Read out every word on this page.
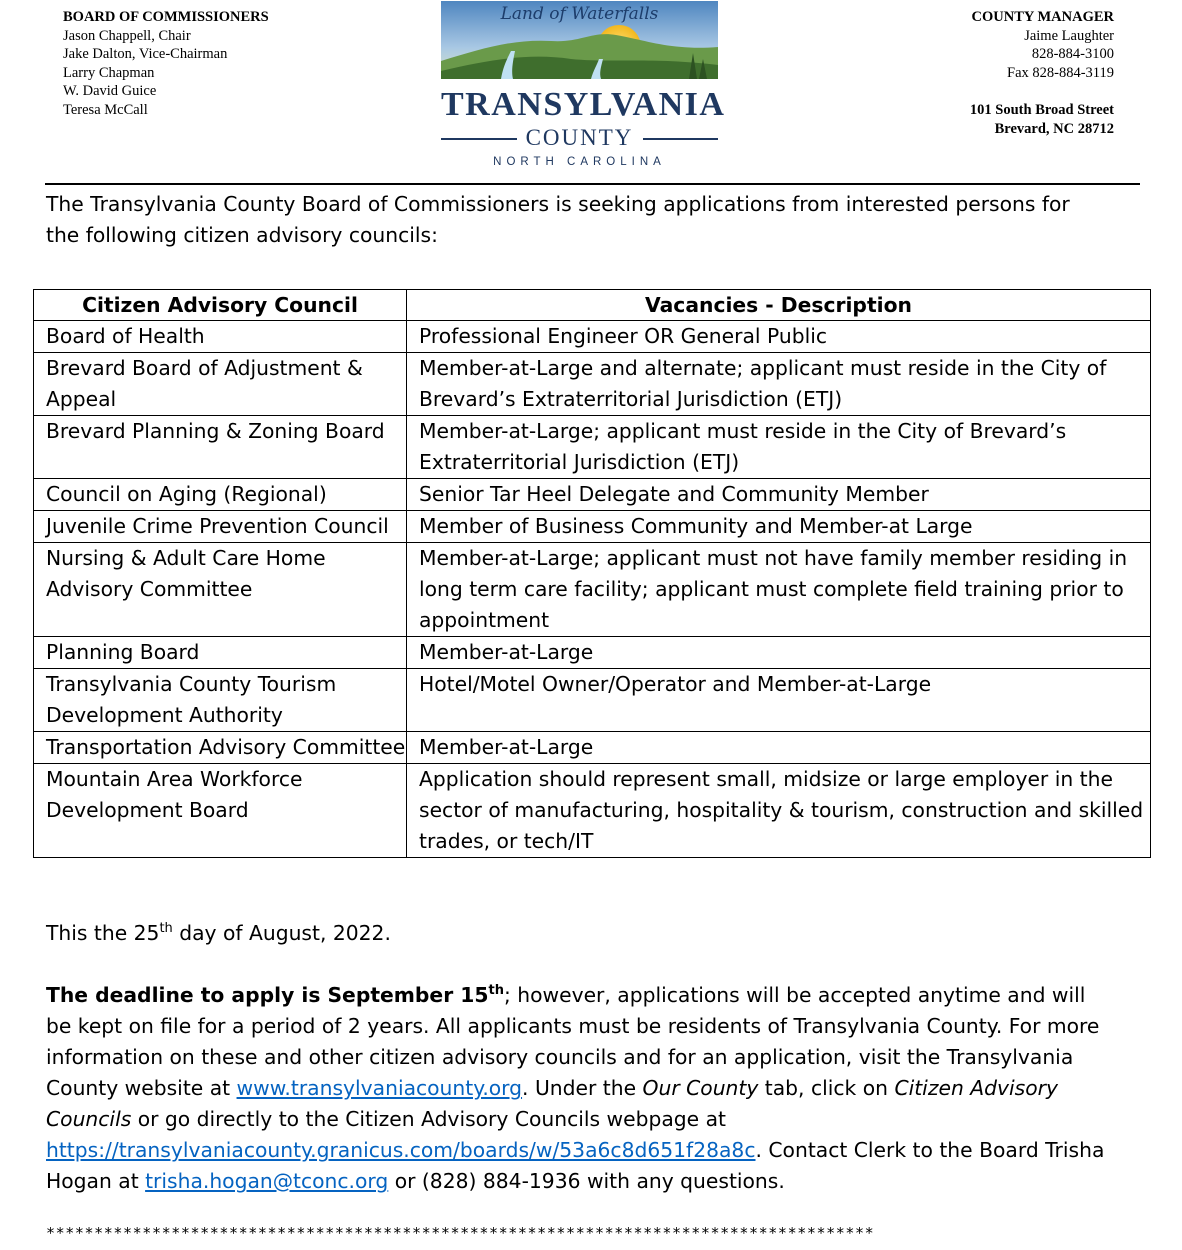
BOARD OF COMMISSIONERS
Jason Chappell, Chair
Jake Dalton, Vice-Chairman
Larry Chapman
W. David Guice
Teresa McCall
Land of Waterfalls
TRANSYLVANIA
COUNTY
NORTH CAROLINA
COUNTY MANAGER
Jaime Laughter
828-884-3100
Fax 828-884-3119
101 South Broad Street
Brevard, NC 28712
The Transylvania County Board of Commissioners is seeking applications from interested persons for the following citizen advisory councils:
Citizen Advisory Council	Vacancies - Description
Board of Health	Professional Engineer OR General Public
Brevard Board of Adjustment & Appeal	Member-at-Large and alternate; applicant must reside in the City of Brevard’s Extraterritorial Jurisdiction (ETJ)
Brevard Planning & Zoning Board	Member-at-Large; applicant must reside in the City of Brevard’s Extraterritorial Jurisdiction (ETJ)
Council on Aging (Regional)	Senior Tar Heel Delegate and Community Member
Juvenile Crime Prevention Council	Member of Business Community and Member-at Large
Nursing & Adult Care Home Advisory Committee	Member-at-Large; applicant must not have family member residing in long term care facility; applicant must complete field training prior to appointment
Planning Board	Member-at-Large
Transylvania County Tourism Development Authority	Hotel/Motel Owner/Operator and Member-at-Large
Transportation Advisory Committee	Member-at-Large
Mountain Area Workforce Development Board	Application should represent small, midsize or large employer in the sector of manufacturing, hospitality & tourism, construction and skilled trades, or tech/IT
This the 25th day of August, 2022.
The deadline to apply is September 15th; however, applications will be accepted anytime and will be kept on file for a period of 2 years. All applicants must be residents of Transylvania County. For more information on these and other citizen advisory councils and for an application, visit the Transylvania County website at www.transylvaniacounty.org. Under the Our County tab, click on Citizen Advisory Councils or go directly to the Citizen Advisory Councils webpage at https://transylvaniacounty.granicus.com/boards/w/53a6c8d651f28a8c. Contact Clerk to the Board Trisha Hogan at trisha.hogan@tconc.org or (828) 884-1936 with any questions.
**************************************************************************************
